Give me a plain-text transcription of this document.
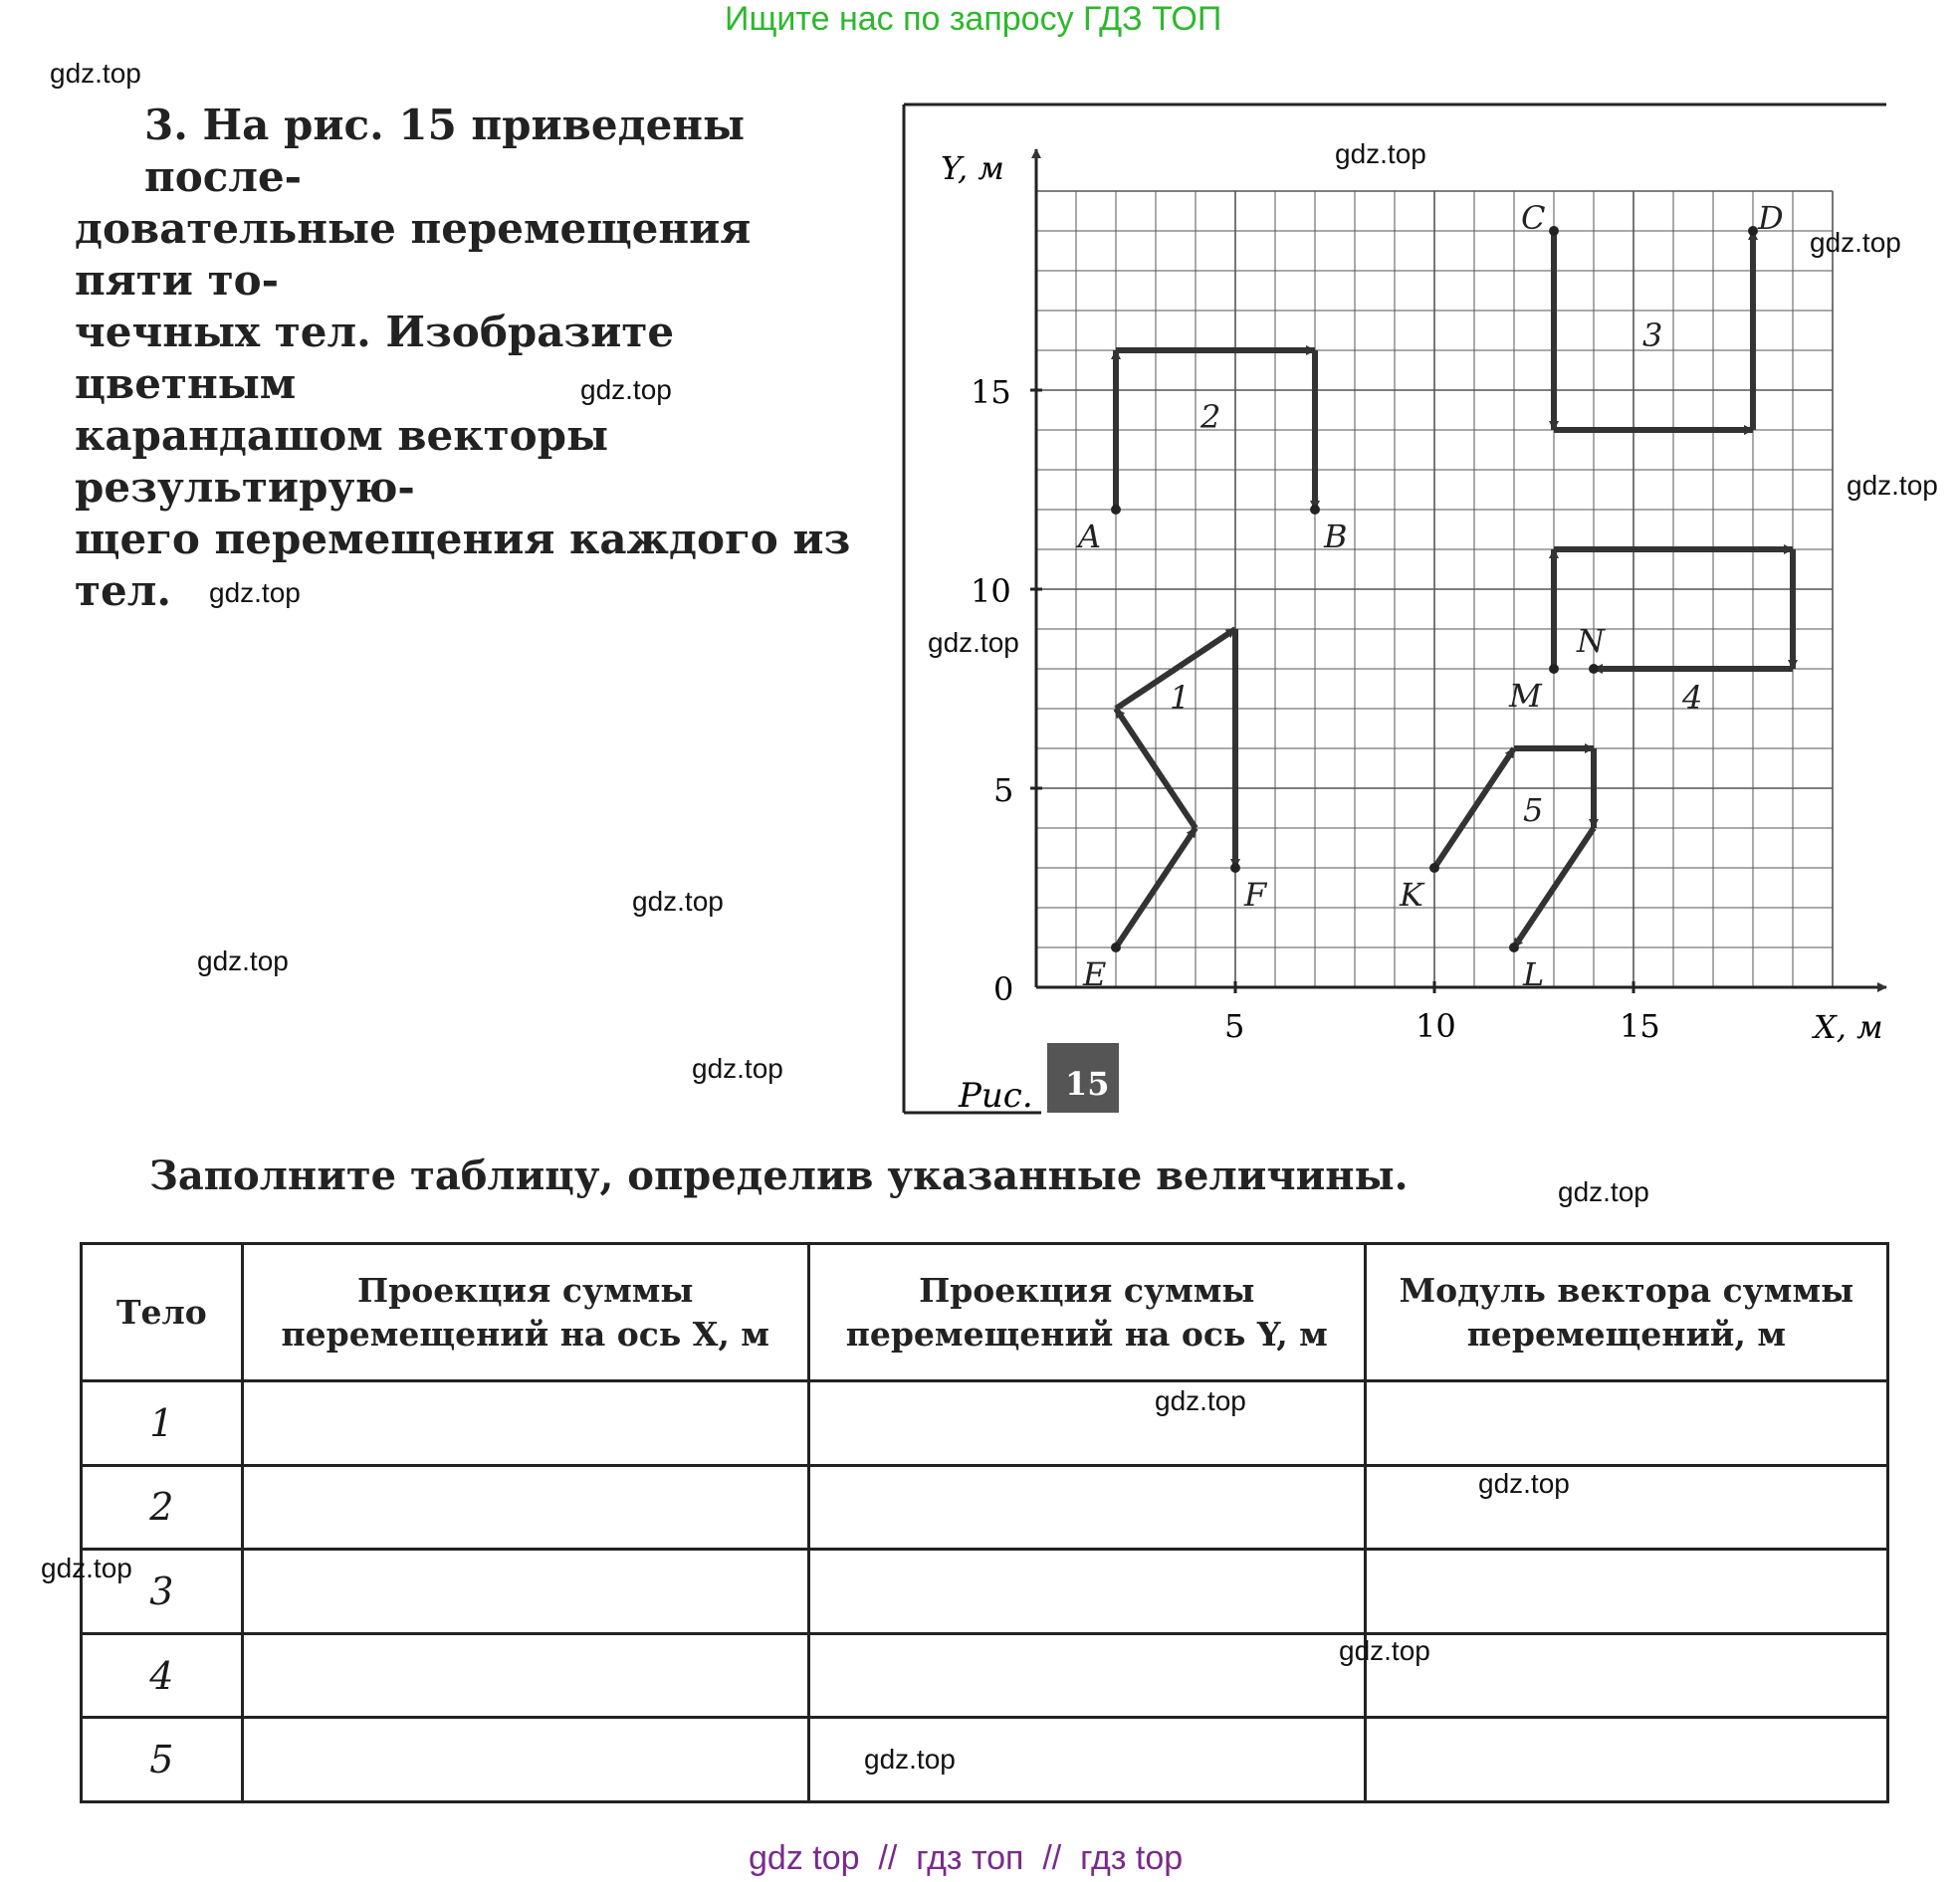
Ищите нас по запросу ГДЗ ТОП
3. На рис. 15 приведены после-
довательные перемещения пяти то-
чечных тел. Изобразите цветным
карандашом векторы результирую-
щего перемещения каждого из тел.
Y, м
X, м
0
5	10	15
5
10
15
A	B
C	D
E
F	K
L
M
N
1
2
3
4
5
Рис. 15
Заполните таблицу, определив указанные величины.
Тело	Проекция суммы перемещений на ось X, м	Проекция суммы перемещений на ось Y, м	Модуль вектора суммы перемещений, м
1			
2			
3			
4			
5			
gdz.top
gdz.top
gdz.top
gdz.top
gdz.top
gdz.top
gdz.top
gdz.top
gdz.top
gdz.top
gdz.top
gdz.top
gdz.top
gdz.top
gdz.top
gdz.top
gdz top  //  гдз топ  //  гдз top
